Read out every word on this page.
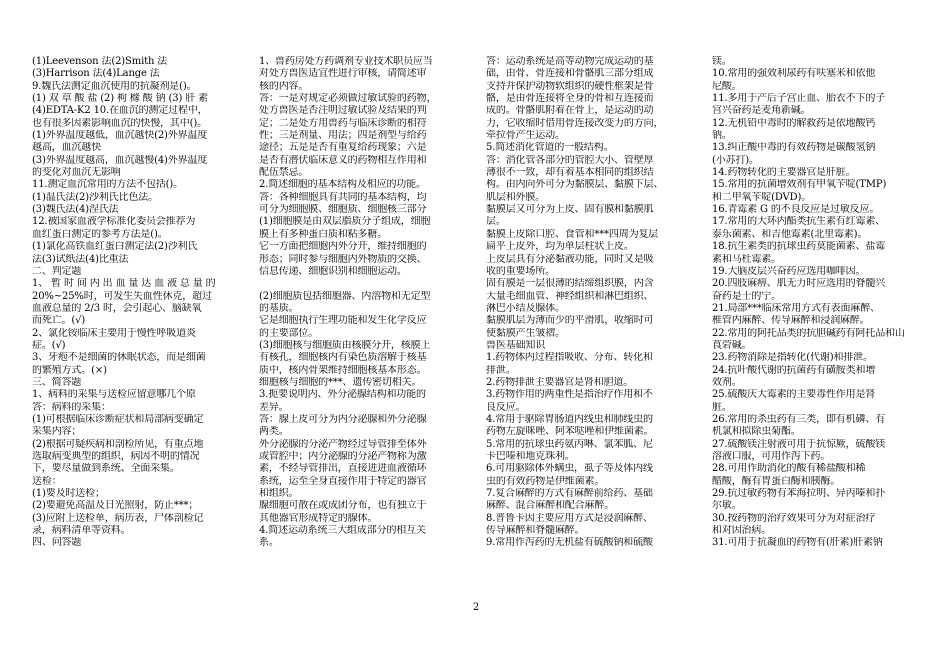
(1)Leevenson 法(2)Smith 法

(3)Harrison 法(4)Lange 法

9.魏氏法测定血沉使用的抗凝剂是()。

(1) 双 草 酸 盐 (2) 枸 橼 酸 钠 (3) 肝 素

(4)EDTA-K2 10.在血沉的测定过程中，

也有很多因素影响血沉的快慢，其中()。

(1)外界温度越低，血沉越快(2)外界温度

越高，血沉越快

(3)外界温度越高，血沉越慢(4)外界温度

的变化对血沉无影响

11.测定血沉常用的方法不包括()。

(1)温氏法(2)沙利氏比色法。

(3)魏氏法(4)涅氏法

12.被国家血液学标准化委员会推荐为

血红蛋白测定的参考方法是()。

(1)氯化高铁血红蛋白测定法(2)沙利氏

法(3)试纸法(4)比重法

二、判定题

1、 暂 时 间 内 出 血 量 达 血 液 总 量 的

20%~25%时，可发生失血性休克，超过

血液总量的 2/3 时，会引起心、脑缺氧

而死亡。(√)

2、氯化铵临床主要用于慢性呼吸道炎

症。(√)

3、牙疱不是细菌的休眠状态，而是细菌

的繁殖方式。(×)

三、简答题

1、病料的采集与送检应留意哪几个原

答：病料的采集：

(1)可根据临床诊断症状和局部病变确定

采集内容；

(2)根据可疑疾病和剖检所见，有重点地

选取病变典型的组织，病因不明的情况

下，要尽量做到系统、全面采集。

送检：

(1)要及时送检；

(2)要避免高温及日光照射，防止***；

(3)应附上送检单，病历表，尸体剖检记

录，病料清单等资料。

四、问答题

1、兽药房处方药调剂专业技术职员应当

对处方兽医适宜性进行审核，请简述审

核的内容。

答：一是对规定必须做过敏试验的药物，

处方兽医是否注明过敏试验及结果的判

定；二是处方用兽药与临床诊断的相符

性；三是剂量、用法；四是剂型与给药

途径；五是是否有重复给药现象；六是

是否有潜伏临床意义的药物相互作用和

配伍禁忌。

2.简述细胞的基本结构及相应的功能。

答：各种细胞具有共同的基本结构，均

可分为细胞膜、细胞质、细胞核三部分

(1)细胞膜是由双层脂质分子组成，细胞

膜上有多种蛋白质和粘多糖。

它一方面把细胞内外分开，维持细胞的

形态；同时参与细胞内外物质的交换、

信息传递、细胞识别和细胞运动。

(2)细胞质包括细胞器、内溶物和无定型

的基质。

它是细胞执行生理功能和发生化学反应

的主要部位。

(3)细胞核与细胞质由核膜分开，核膜上

有核孔，细胞核内有染色质溶解于核基

质中，核内骨架维持细胞核基本形态。

细胞核与细胞的***、遗传密切相关。

3.扼要说明内、外分泌腺结构和功能的

差异。

答：腺上皮可分为内分泌腺和外分泌腺

两类。

外分泌腺的分泌产物经过导管排至体外

或管腔中；内分泌腺的分泌产物称为激

素，不经导管排出，直接进进血液循环

系统，运至全身直接作用于特定的器官

和组织。

腺细胞可散在或成团分布，也有独立于

其他器官形成特定的腺体。

4.简述运动系统三大组成部分的相互关

系。

答：运动系统是高等动物完成运动的基

础，由骨、骨连接和骨骼肌三部分组成

支持并保护动物软组织的硬性框架是骨

骼，是由骨连接将全身的骨和互连接而

成的。骨骼肌附着在骨上，是运动的动

力，它收缩时借用骨连接改变力的方向，

牵拉骨产生运动。

5.简述消化管道的一般结构。

答：消化管各部分的管腔大小、管壁厚

薄很不一致，却有着基本相同的组织结

构。由内向外可分为黏膜层、黏膜下层、

肌层和外膜。

黏膜层又可分为上皮、固有膜和黏膜肌

层。

黏膜上皮除口腔、食管和***四周为复层

扁平上皮外，均为单层柱状上皮。

上皮层具有分泌黏液功能，同时又是吸

收的重要场所。

固有膜是一层很薄的结缔组织膜，内含

大量毛细血管、神经组织和淋巴组织、

淋巴小结及腺体。

黏膜肌层为薄而少的平滑肌，收缩时可

使黏膜产生皱褶。

兽医基础知识

1.药物体内过程指吸收、分布、转化和

排泄。

2.药物排泄主要器官是肾和胆道。

3.药物作用的两重性是指治疗作用和不

良反应。

4.常用于驱除胃肠道内线虫和肺线虫的

药物左旋咪唑、阿苯哒唑和伊维菌素。

5.常用的抗球虫药氨丙啉、氯苯胍、尼

卡巴嗪和地克珠利。

6.可用驱除体外螨虫，虱子等及体内线

虫的有效药物是伊维菌素。

7.复合麻醉的方式有麻醉前给药、基础

麻醉、混合麻醉和配合麻醉。

8.普鲁卡因主要应用方式是浸润麻醉、

传导麻醉和脊髓麻醉。

9.常用作泻药的无机盐有硫酸钠和硫酸

镁。

10.常用的强效利尿药有呋塞米和依他

尼酸。

11.多用于产后子宫止血、胎衣不下的子

宫兴奋药是麦角新碱。

12.无机铅中毒时的解救药是依地酸钙

钠。

13.纠正酸中毒的有效药物是碳酸氢钠

(小苏打)。

14.药物转化的主要器官是肝脏。

15.常用的抗菌增效剂有甲氧苄啶(TMP)

和二甲氧苄啶(DVD)。

16.青霉素 G 的不良反应是过敏反应。

17.常用的大环内酯类抗生素有红霉素、

泰乐菌素、和吉他霉素(北里霉素)。

18.抗生素类的抗球虫药莫能菌素、盐霉

素和马杜霉素。

19.大脑皮层兴奋药应选用咖啡因。

20.四肢麻痹、肌无力时应选用的脊髓兴

奋药是士的宁。

21.局部***临床常用方式有表面麻醉、

椎管内麻醉、传导麻醉和浸润麻醉。

22.常用的阿托品类的抗胆碱药有阿托品和山

莨菪碱。

23.药物消除是指转化(代谢)和排泄。

24.抗叶酸代谢的抗菌药有磺胺类和增

效剂。

25.硫酸庆大霉素的主要毒性作用是肾

脏。

26.常用的杀虫药有三类，即有机磷、有

机氯和拟除虫菊酯。

27.硫酸镁注射液可用于抗惊厥，硫酸镁

溶液口服，可用作泻下药。

28.可用作助消化的酸有稀盐酸和稀

醋酸，酶有胃蛋白酶和胰酶。

29.抗过敏药物有苯海拉明、异丙嗪和扑

尔敏。

30.按药物的治疗效果可分为对症治疗

和对因治病。

31.可用于抗凝血的药物有(肝素)肝素钠

2
